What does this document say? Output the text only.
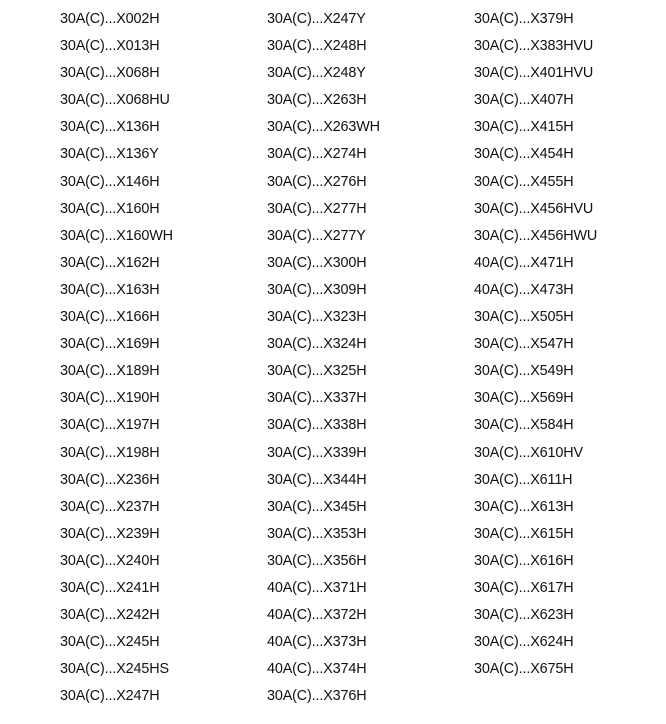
30A(C)...X002H
30A(C)...X013H
30A(C)...X068H
30A(C)...X068HU
30A(C)...X136H
30A(C)...X136Y
30A(C)...X146H
30A(C)...X160H
30A(C)...X160WH
30A(C)...X162H
30A(C)...X163H
30A(C)...X166H
30A(C)...X169H
30A(C)...X189H
30A(C)...X190H
30A(C)...X197H
30A(C)...X198H
30A(C)...X236H
30A(C)...X237H
30A(C)...X239H
30A(C)...X240H
30A(C)...X241H
30A(C)...X242H
30A(C)...X245H
30A(C)...X245HS
30A(C)...X247H
30A(C)...X247Y
30A(C)...X248H
30A(C)...X248Y
30A(C)...X263H
30A(C)...X263WH
30A(C)...X274H
30A(C)...X276H
30A(C)...X277H
30A(C)...X277Y
30A(C)...X300H
30A(C)...X309H
30A(C)...X323H
30A(C)...X324H
30A(C)...X325H
30A(C)...X337H
30A(C)...X338H
30A(C)...X339H
30A(C)...X344H
30A(C)...X345H
30A(C)...X353H
30A(C)...X356H
40A(C)...X371H
40A(C)...X372H
40A(C)...X373H
40A(C)...X374H
30A(C)...X376H
30A(C)...X379H
30A(C)...X383HVU
30A(C)...X401HVU
30A(C)...X407H
30A(C)...X415H
30A(C)...X454H
30A(C)...X455H
30A(C)...X456HVU
30A(C)...X456HWU
40A(C)...X471H
40A(C)...X473H
30A(C)...X505H
30A(C)...X547H
30A(C)...X549H
30A(C)...X569H
30A(C)...X584H
30A(C)...X610HV
30A(C)...X611H
30A(C)...X613H
30A(C)...X615H
30A(C)...X616H
30A(C)...X617H
30A(C)...X623H
30A(C)...X624H
30A(C)...X675H
